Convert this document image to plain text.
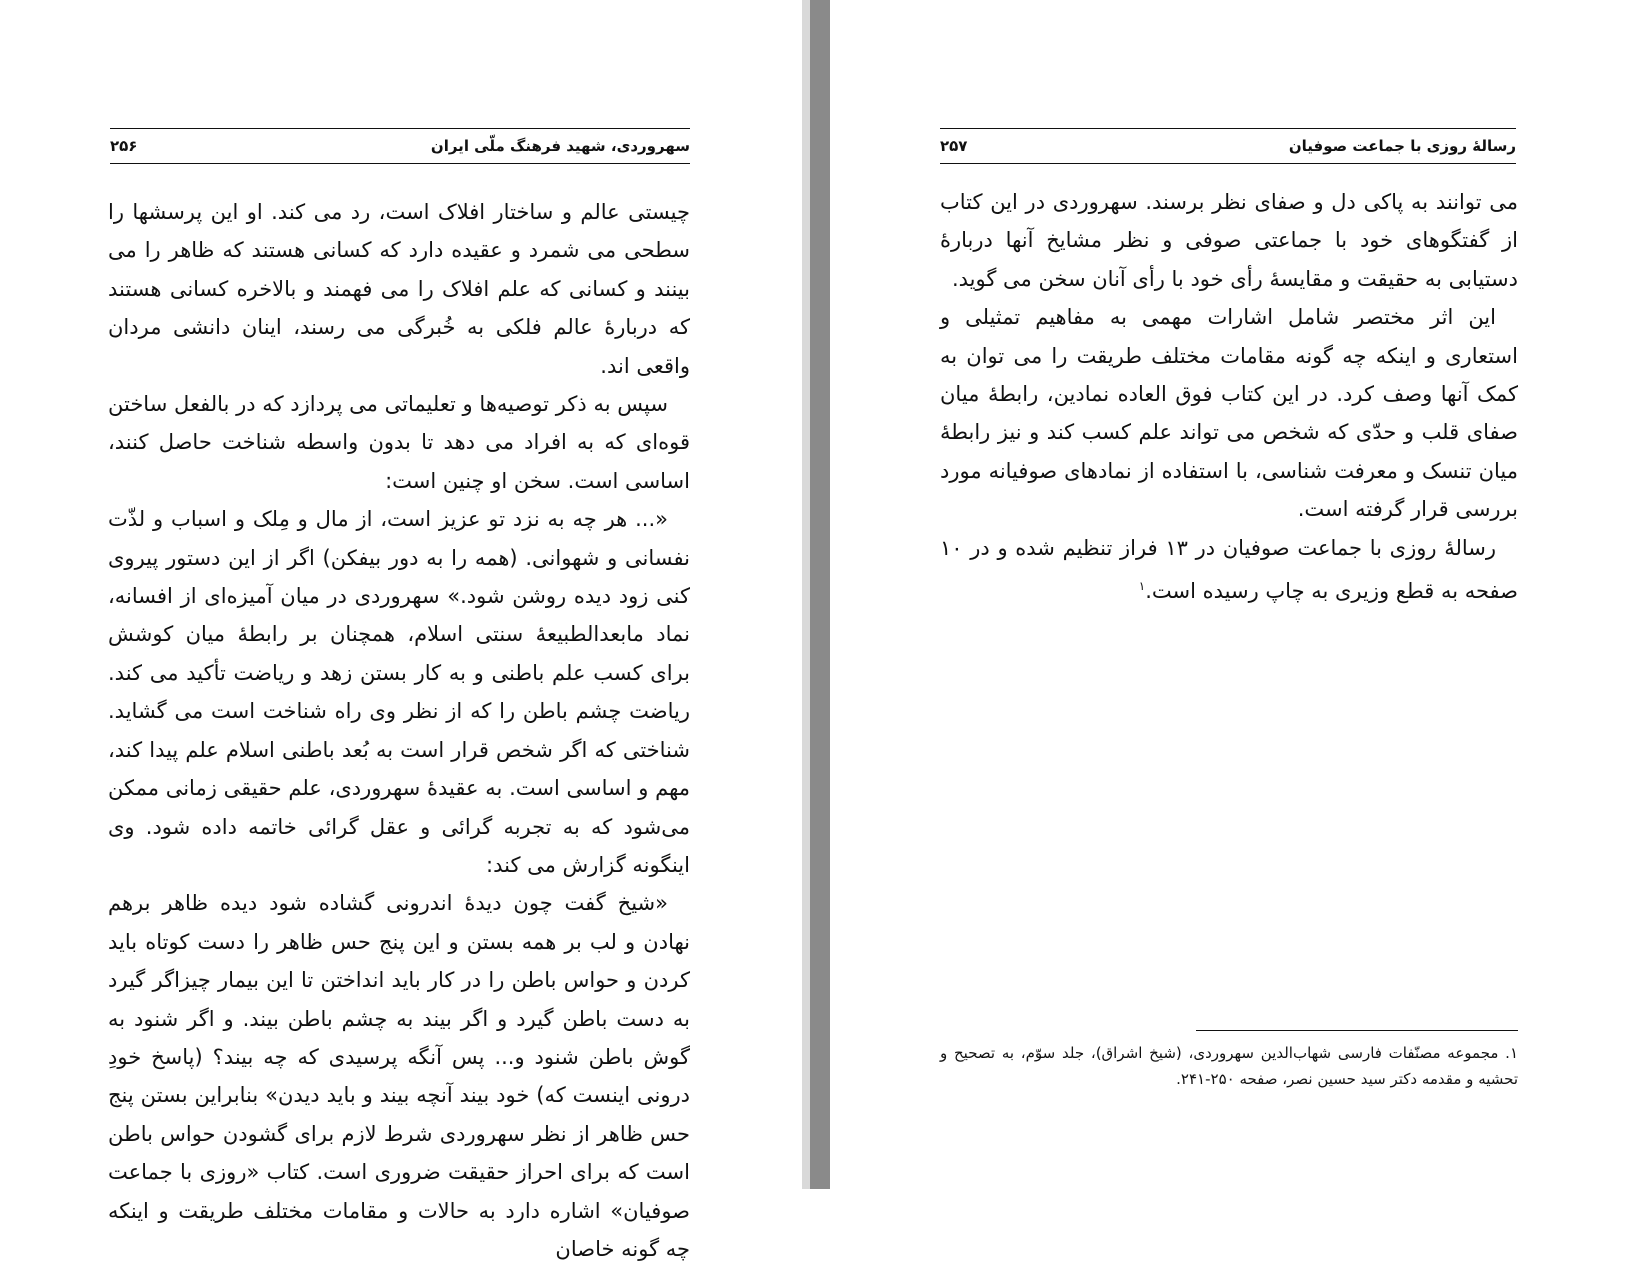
سهروردی، شهید فرهنگ ملّی ایران
۲۵۶

چیستی عالم و ساختار افلاک است، رد می کند. او این پرسشها را سطحی می شمرد و عقیده دارد که کسانی هستند که ظاهر را می بینند و کسانی که علم افلاک را می فهمند و بالاخره کسانی هستند که دربارهٔ عالم فلکی به خُبرگی می رسند، اینان دانشی مردان واقعی اند.

سپس به ذکر توصیه‌ها و تعلیماتی می پردازد که در بالفعل ساختن قوه‌ای که به افراد می دهد تا بدون واسطه شناخت حاصل کنند، اساسی است. سخن او چنین است:

«... هر چه به نزد تو عزیز است، از مال و مِلک و اسباب و لذّت نفسانی و شهوانی. (همه را به دور بیفکن) اگر از این دستور پیروی کنی زود دیده روشن شود.» سهروردی در میان آمیزه‌ای از افسانه، نماد مابعدالطبیعهٔ سنتی اسلام، همچنان بر رابطهٔ میان کوشش برای کسب علم باطنی و به کار بستن زهد و ریاضت تأکید می کند. ریاضت چشم باطن را که از نظر وی راه شناخت است می گشاید. شناختی که اگر شخص قرار است به بُعد باطنی اسلام علم پیدا کند، مهم و اساسی است. به عقیدهٔ سهروردی، علم حقیقی زمانی ممکن می‌شود که به تجربه گرائی و عقل گرائی خاتمه داده شود. وی اینگونه گزارش می کند:

«شیخ گفت چون دیدهٔ اندرونی گشاده شود دیده ظاهر برهم نهادن و لب بر همه بستن و این پنج حس ظاهر را دست کوتاه باید کردن و حواس باطن را در کار باید انداختن تا این بیمار چیزاگر گیرد به دست باطن گیرد و اگر بیند به چشم باطن بیند. و اگر شنود به گوش باطن شنود و... پس آنگه پرسیدی که چه بیند؟ (پاسخ خودِ درونی اینست که) خود بیند آنچه بیند و باید دیدن» بنابراین بستن پنج حس ظاهر از نظر سهروردی شرط لازم برای گشودن حواس باطن است که برای احراز حقیقت ضروری است. کتاب «روزی با جماعت صوفیان» اشاره دارد به حالات و مقامات مختلف طریقت و اینکه چه گونه خاصان

رسالهٔ روزی با جماعت صوفیان
۲۵۷

می توانند به پاکی دل و صفای نظر برسند. سهروردی در این کتاب از گفتگوهای خود با جماعتی صوفی و نظر مشایخ آنها دربارهٔ دستیابی به حقیقت و مقایسهٔ رأی خود با رأی آنان سخن می گوید.

این اثر مختصر شامل اشارات مهمی به مفاهیم تمثیلی و استعاری و اینکه چه گونه مقامات مختلف طریقت را می توان به کمک آنها وصف کرد. در این کتاب فوق العاده نمادین، رابطهٔ میان صفای قلب و حدّی که شخص می تواند علم کسب کند و نیز رابطهٔ میان تنسک و معرفت شناسی، با استفاده از نمادهای صوفیانه مورد بررسی قرار گرفته است.

رسالهٔ روزی با جماعت صوفیان در ۱۳ فراز تنظیم شده و در ۱۰ صفحه به قطع وزیری به چاپ رسیده است.$^۱$

۱. مجموعه مصنّفات فارسی شهاب‌الدین سهروردی، (شیخ اشراق)، جلد سوّم، به تصحیح و تحشیه و مقدمه دکتر سید حسین نصر، صفحه ۲۵۰-۲۴۱.
